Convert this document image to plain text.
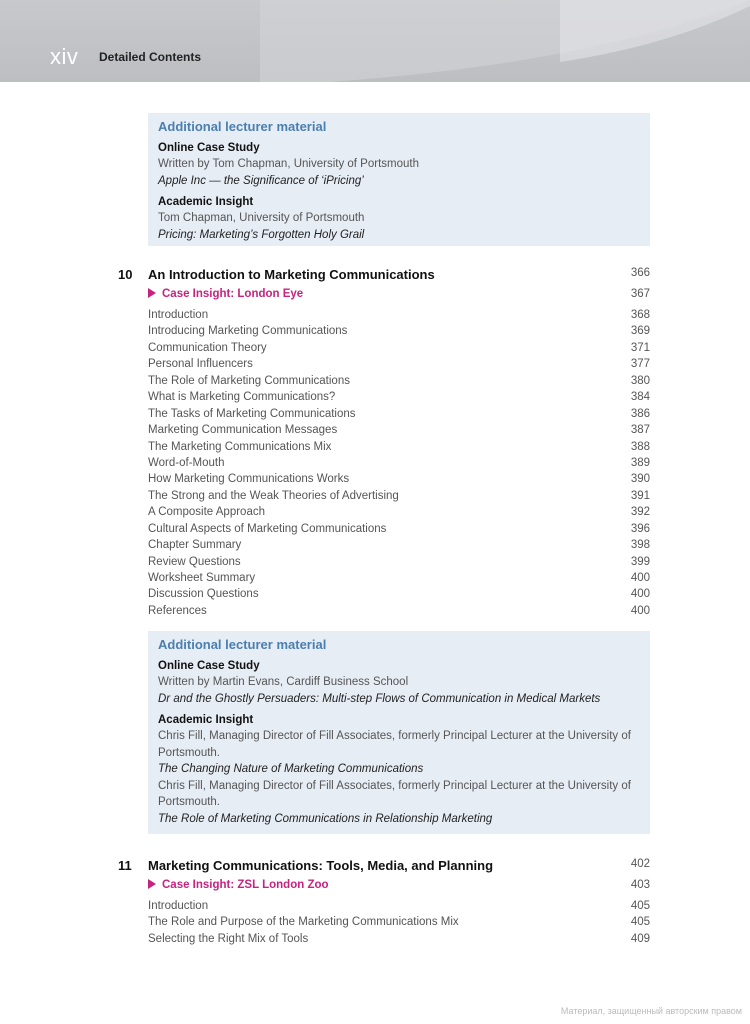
xiv Detailed Contents
Additional lecturer material
Online Case Study
Written by Tom Chapman, University of Portsmouth
Apple Inc — the Significance of ‘iPricing’
Academic Insight
Tom Chapman, University of Portsmouth
Pricing: Marketing’s Forgotten Holy Grail
10 An Introduction to Marketing Communications	366
Case Insight: London Eye	367
Introduction	368
Introducing Marketing Communications	369
Communication Theory	371
Personal Influencers	377
The Role of Marketing Communications	380
What is Marketing Communications?	384
The Tasks of Marketing Communications	386
Marketing Communication Messages	387
The Marketing Communications Mix	388
Word-of-Mouth	389
How Marketing Communications Works	390
The Strong and the Weak Theories of Advertising	391
A Composite Approach	392
Cultural Aspects of Marketing Communications	396
Chapter Summary	398
Review Questions	399
Worksheet Summary	400
Discussion Questions	400
References	400
Additional lecturer material
Online Case Study
Written by Martin Evans, Cardiff Business School
Dr and the Ghostly Persuaders: Multi-step Flows of Communication in Medical Markets
Academic Insight
Chris Fill, Managing Director of Fill Associates, formerly Principal Lecturer at the University of
Portsmouth.
The Changing Nature of Marketing Communications
Chris Fill, Managing Director of Fill Associates, formerly Principal Lecturer at the University of
Portsmouth.
The Role of Marketing Communications in Relationship Marketing
11 Marketing Communications: Tools, Media, and Planning	402
Case Insight: ZSL London Zoo	403
Introduction	405
The Role and Purpose of the Marketing Communications Mix	405
Selecting the Right Mix of Tools	409
Материал, защищенный авторским правом
